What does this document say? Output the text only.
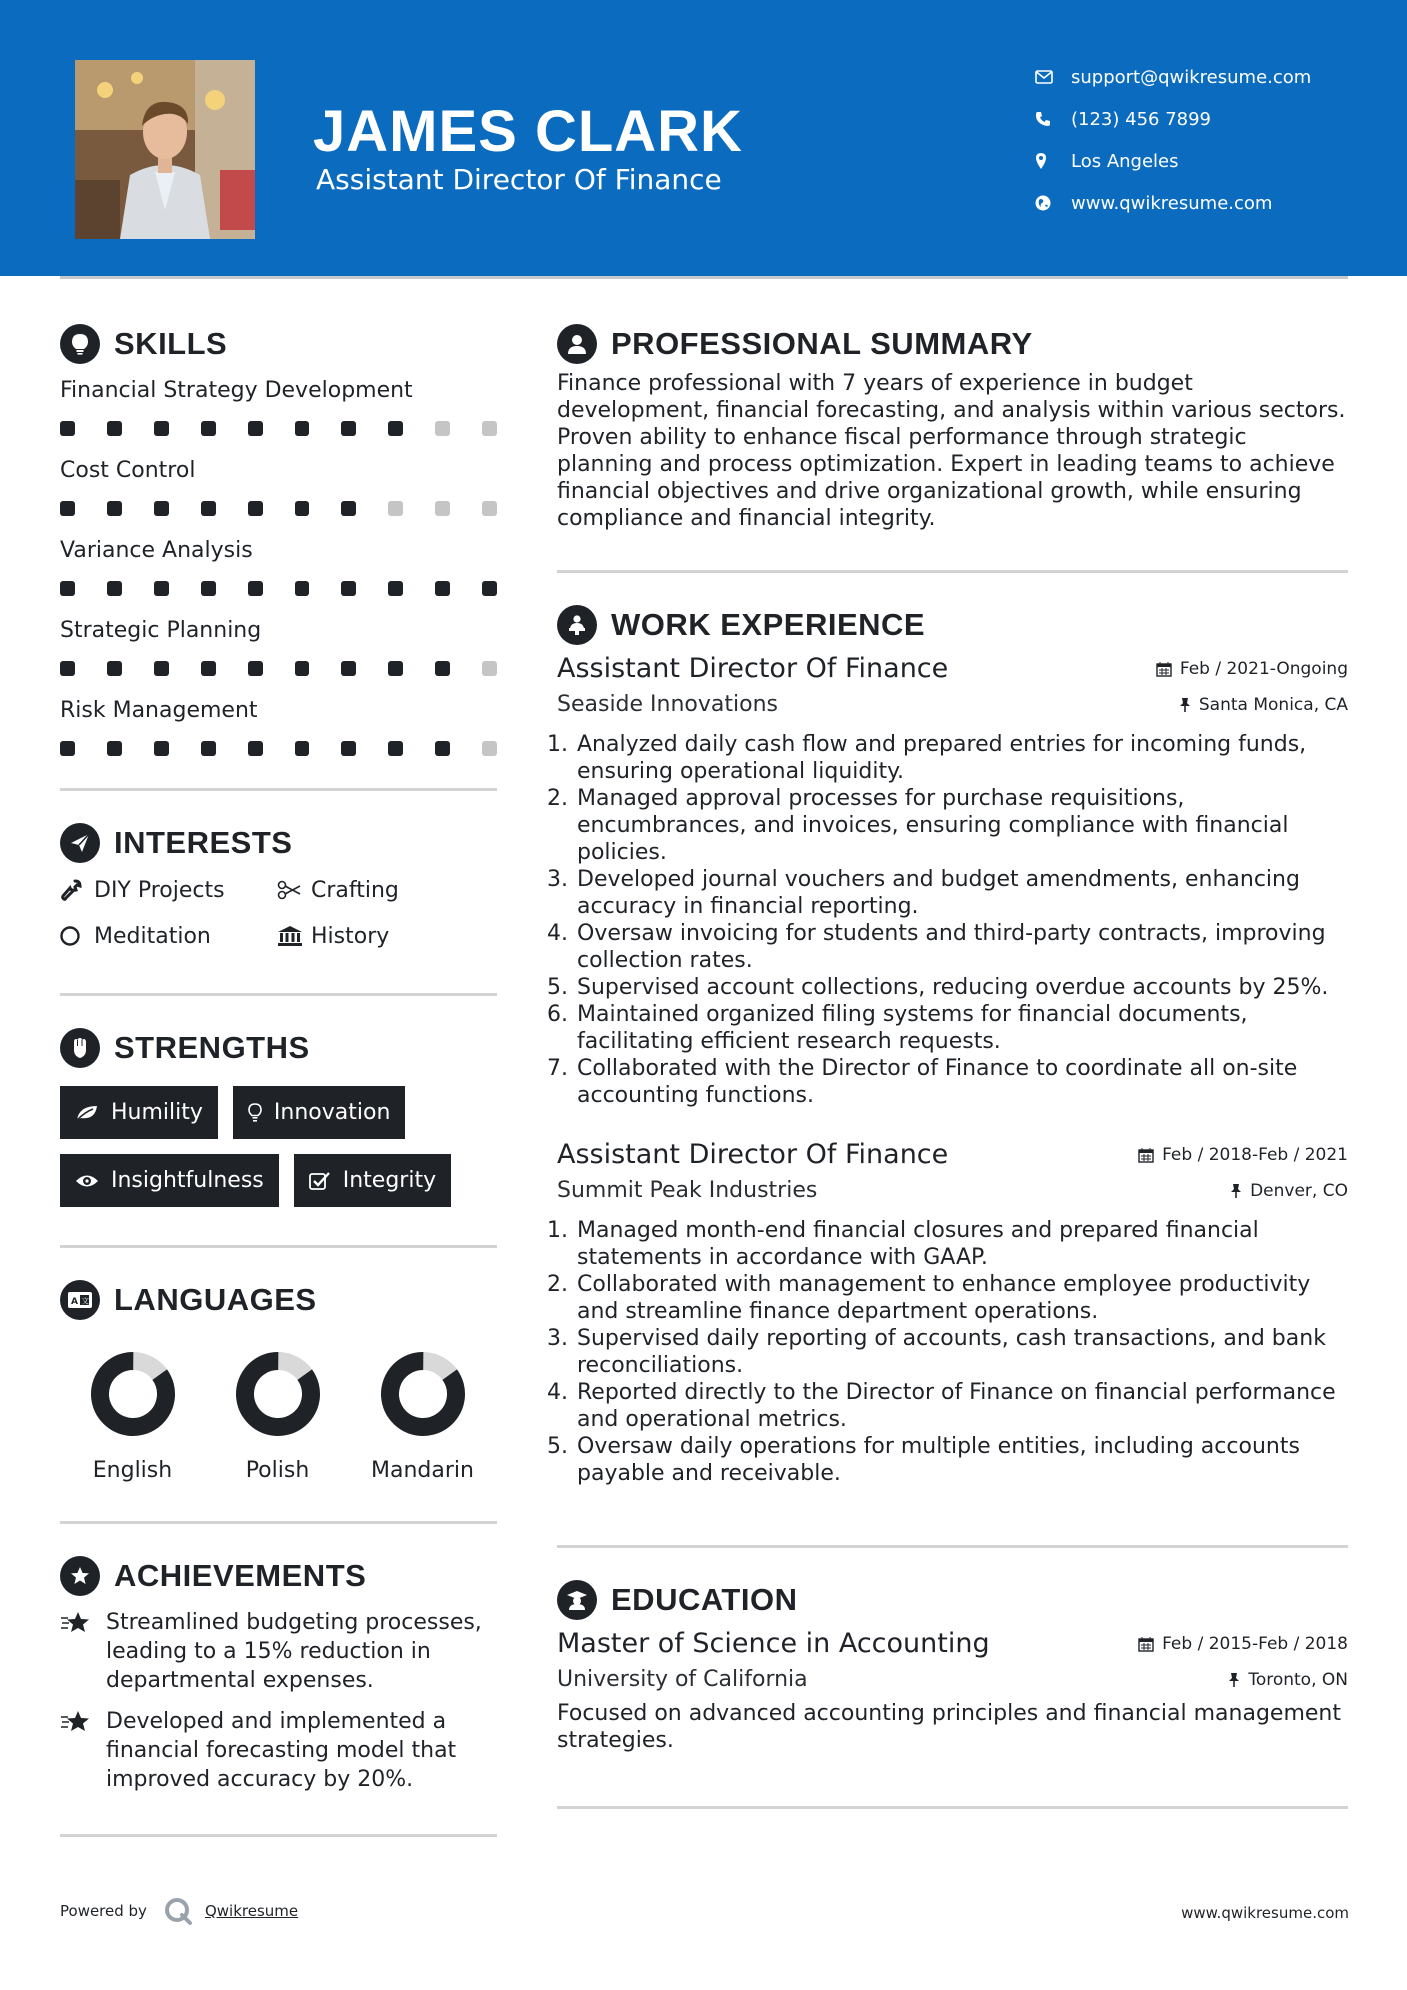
JAMES CLARK
Assistant Director Of Finance
support@qwikresume.com
(123) 456 7899
Los Angeles
www.qwikresume.com
SKILLS
Financial Strategy Development
Cost Control
Variance Analysis
Strategic Planning
Risk Management
INTERESTS
DIY Projects	Crafting
Meditation	History
STRENGTHS
Humility	Innovation
Insightfulness	Integrity
A 文 LANGUAGES
English	Polish	Mandarin
ACHIEVEMENTS
Streamlined budgeting processes, leading to a 15% reduction in departmental expenses.
Developed and implemented a financial forecasting model that improved accuracy by 20%.
PROFESSIONAL SUMMARY
Finance professional with 7 years of experience in budget development, financial forecasting, and analysis within various sectors. Proven ability to enhance fiscal performance through strategic planning and process optimization. Expert in leading teams to achieve financial objectives and drive organizational growth, while ensuring compliance and financial integrity.
WORK EXPERIENCE
Assistant Director Of Finance	Feb / 2021-Ongoing
Seaside Innovations	Santa Monica, CA
1. Analyzed daily cash flow and prepared entries for incoming funds, ensuring operational liquidity.
2. Managed approval processes for purchase requisitions, encumbrances, and invoices, ensuring compliance with financial policies.
3. Developed journal vouchers and budget amendments, enhancing accuracy in financial reporting.
4. Oversaw invoicing for students and third-party contracts, improving collection rates.
5. Supervised account collections, reducing overdue accounts by 25%.
6. Maintained organized filing systems for financial documents, facilitating efficient research requests.
7. Collaborated with the Director of Finance to coordinate all on-site accounting functions.
Assistant Director Of Finance	Feb / 2018-Feb / 2021
Summit Peak Industries	Denver, CO
1. Managed month-end financial closures and prepared financial statements in accordance with GAAP.
2. Collaborated with management to enhance employee productivity and streamline finance department operations.
3. Supervised daily reporting of accounts, cash transactions, and bank reconciliations.
4. Reported directly to the Director of Finance on financial performance and operational metrics.
5. Oversaw daily operations for multiple entities, including accounts payable and receivable.
EDUCATION
Master of Science in Accounting	Feb / 2015-Feb / 2018
University of California	Toronto, ON
Focused on advanced accounting principles and financial management strategies.
Powered by	Qwikresume	www.qwikresume.com
